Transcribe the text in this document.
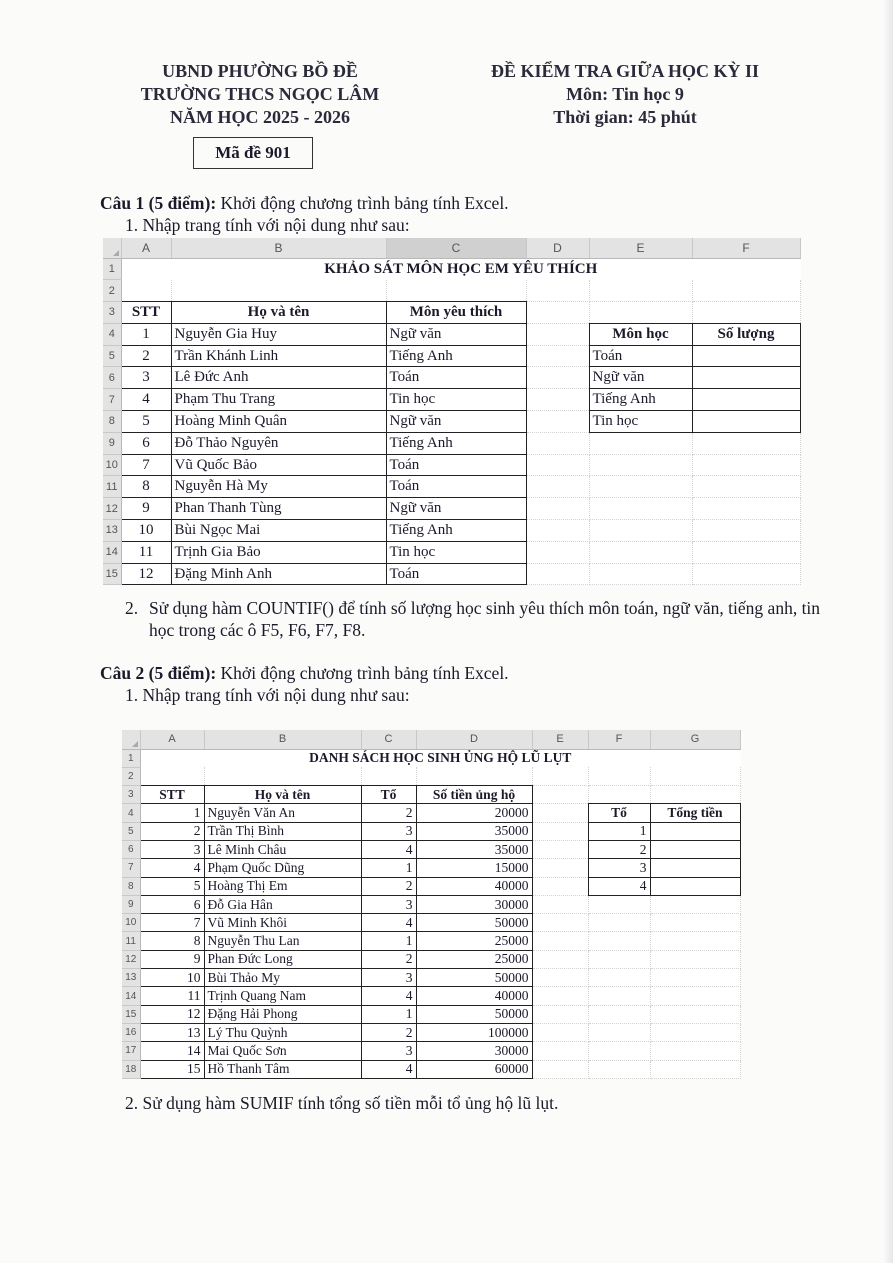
UBND PHƯỜNG BỒ ĐỀ
TRƯỜNG THCS NGỌC LÂM
NĂM HỌC 2025 - 2026
ĐỀ KIỂM TRA GIỮA HỌC KỲ II
Môn: Tin học 9
Thời gian: 45 phút
Mã đề 901
Câu 1 (5 điểm): Khởi động chương trình bảng tính Excel.
1. Nhập trang tính với nội dung như sau:
	A	B	C	D	E	F
1	KHẢO SÁT MÔN HỌC EM YÊU THÍCH					
2						
3	STT	Họ và tên	Môn yêu thích			
4	1	Nguyễn Gia Huy	Ngữ văn		Môn học	Số lượng
5	2	Trần Khánh Linh	Tiếng Anh		Toán	
6	3	Lê Đức Anh	Toán		Ngữ văn	
7	4	Phạm Thu Trang	Tin học		Tiếng Anh	
8	5	Hoàng Minh Quân	Ngữ văn		Tin học	
9	6	Đỗ Thảo Nguyên	Tiếng Anh			
10	7	Vũ Quốc Bảo	Toán			
11	8	Nguyễn Hà My	Toán			
12	9	Phan Thanh Tùng	Ngữ văn			
13	10	Bùi Ngọc Mai	Tiếng Anh			
14	11	Trịnh Gia Bảo	Tin học			
15	12	Đặng Minh Anh	Toán			
2. Sử dụng hàm COUNTIF() để tính số lượng học sinh yêu thích môn toán, ngữ văn, tiếng anh, tin học trong các ô F5, F6, F7, F8.
Câu 2 (5 điểm): Khởi động chương trình bảng tính Excel.
1. Nhập trang tính với nội dung như sau:
	A	B	C	D	E	F	G
1	DANH SÁCH HỌC SINH ỦNG HỘ LŨ LỤT						
2							
3	STT	Họ và tên	Tổ	Số tiền ủng hộ			
4	1	Nguyễn Văn An	2	20000		Tổ	Tổng tiền
5	2	Trần Thị Bình	3	35000		1	
6	3	Lê Minh Châu	4	35000		2	
7	4	Phạm Quốc Dũng	1	15000		3	
8	5	Hoàng Thị Em	2	40000		4	
9	6	Đỗ Gia Hân	3	30000			
10	7	Vũ Minh Khôi	4	50000			
11	8	Nguyễn Thu Lan	1	25000			
12	9	Phan Đức Long	2	25000			
13	10	Bùi Thảo My	3	50000			
14	11	Trịnh Quang Nam	4	40000			
15	12	Đặng Hải Phong	1	50000			
16	13	Lý Thu Quỳnh	2	100000			
17	14	Mai Quốc Sơn	3	30000			
18	15	Hồ Thanh Tâm	4	60000			
2. Sử dụng hàm SUMIF tính tổng số tiền mỗi tổ ủng hộ lũ lụt.
